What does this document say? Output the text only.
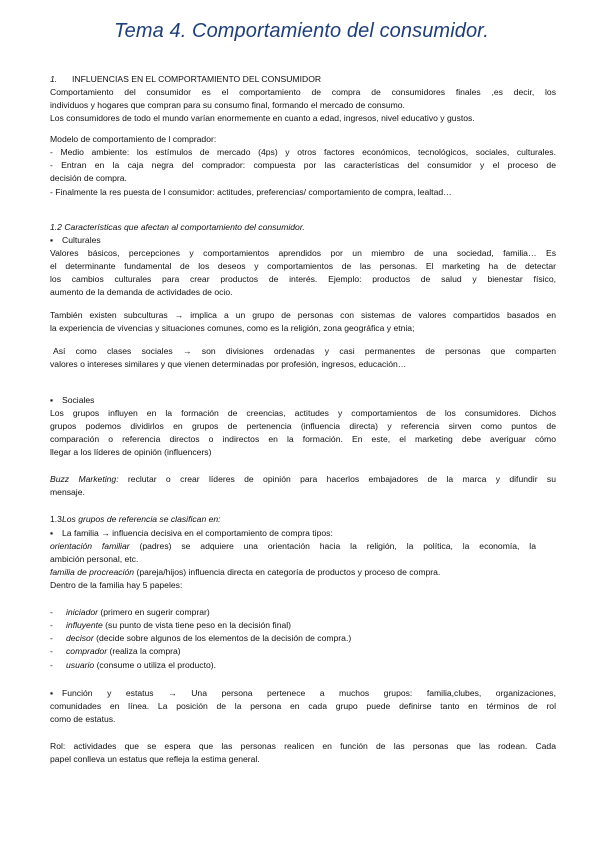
Tema 4. Comportamiento del consumidor.
1. INFLUENCIAS EN EL COMPORTAMIENTO DEL CONSUMIDOR
Comportamiento del consumidor es el comportamiento de compra de consumidores finales ,es decir, los
individuos y hogares que compran para su consumo final, formando el mercado de consumo.
Los consumidores de todo el mundo varían enormemente en cuanto a edad, ingresos, nivel educativo y gustos.
Modelo de comportamiento de l comprador:
- Medio ambiente: los estímulos de mercado (4ps) y otros factores económicos, tecnológicos, sociales, culturales.
- Entran en la caja negra del comprador: compuesta por las características del consumidor y el proceso de
decisión de compra.
- Finalmente la res puesta de l consumidor: actitudes, preferencias/ comportamiento de compra, lealtad…
1.2 Características que afectan al comportamiento del consumidor.
▪ Culturales
Valores básicos, percepciones y comportamientos aprendidos por un miembro de una sociedad, familia… Es
el determinante fundamental de los deseos y comportamientos de las personas. El marketing ha de detectar
los cambios culturales para crear productos de interés. Ejemplo: productos de salud y bienestar físico,
aumento de la demanda de actividades de ocio.
También existen subculturas → implica a un grupo de personas con sistemas de valores compartidos basados en
la experiencia de vivencias y situaciones comunes, como es la religión, zona geográfica y etnia;
Así como clases sociales → son divisiones ordenadas y casi permanentes de personas que comparten
valores o intereses similares y que vienen determinadas por profesión, ingresos, educación…
▪ Sociales
Los grupos influyen en la formación de creencias, actitudes y comportamientos de los consumidores. Dichos
grupos podemos dividirlos en grupos de pertenencia (influencia directa) y referencia sirven como puntos de
comparación o referencia directos o indirectos en la formación. En este, el marketing debe averiguar cómo
llegar a los líderes de opinión (influencers)
Buzz Marketing: reclutar o crear líderes de opinión para hacerlos embajadores de la marca y difundir su
mensaje.
1.3Los grupos de referencia se clasifican en:
▪ La familia → influencia decisiva en el comportamiento de compra tipos:
orientación familiar (padres) se adquiere una orientación hacia la religión, la política, la economía, la
ambición personal, etc.
familia de procreación (pareja/hijos) influencia directa en categoría de productos y proceso de compra.
Dentro de la familia hay 5 papeles:
- iniciador (primero en sugerir comprar)
- influyente (su punto de vista tiene peso en la decisión final)
- decisor (decide sobre algunos de los elementos de la decisión de compra.)
- comprador (realiza la compra)
- usuario (consume o utiliza el producto).
▪ Función y estatus → Una persona pertenece a muchos grupos: familia,clubes, organizaciones,
comunidades en línea. La posición de la persona en cada grupo puede definirse tanto en términos de rol
como de estatus.
Rol: actividades que se espera que las personas realicen en función de las personas que las rodean. Cada
papel conlleva un estatus que refleja la estima general.
